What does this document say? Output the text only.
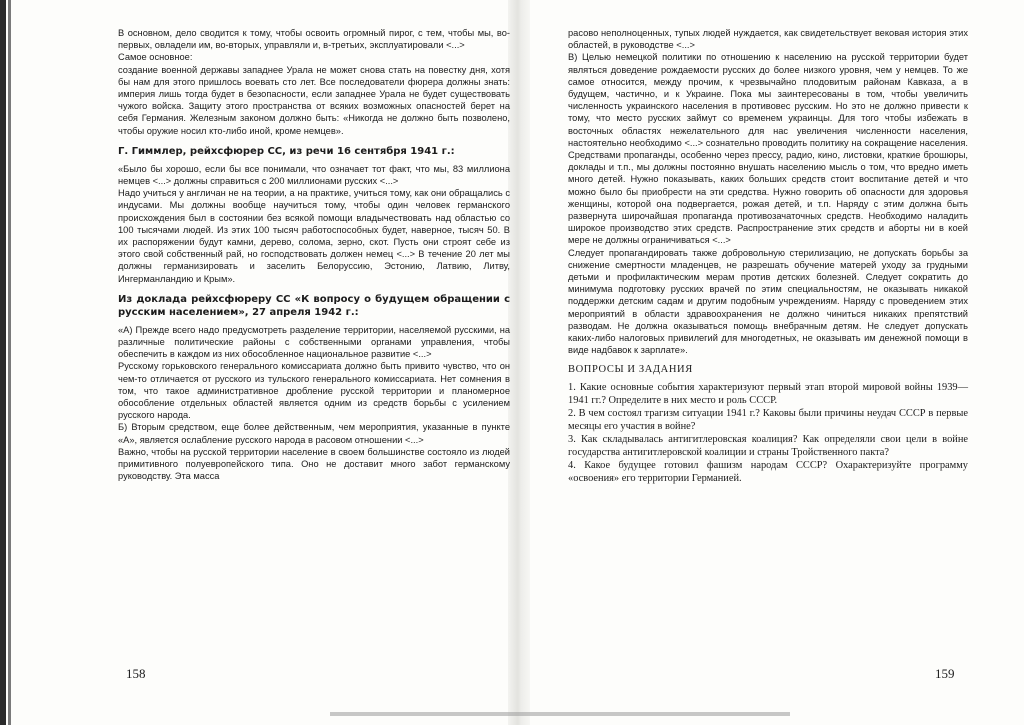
В основном, дело сводится к тому, чтобы освоить огромный пирог, с тем, чтобы мы, во-первых, овладели им, во-вторых, управляли и, в-третьих, эксплуатировали <...>

Самое основное:

создание военной державы западнее Урала не может снова стать на повестку дня, хотя бы нам для этого пришлось воевать сто лет. Все последователи фюрера должны знать: империя лишь тогда будет в безопасности, если западнее Урала не будет существовать чужого войска. Защиту этого пространства от всяких возможных опасностей берет на себя Германия. Железным законом должно быть: «Никогда не должно быть позволено, чтобы оружие носил кто-либо иной, кроме немцев».

Г. Гиммлер, рейхсфюрер СС, из речи 16 сентября 1941 г.:

«Было бы хорошо, если бы все понимали, что означает тот факт, что мы, 83 миллиона немцев <...> должны справиться с 200 миллионами русских <...>

Надо учиться у англичан не на теории, а на практике, учиться тому, как они обращались с индусами. Мы должны вообще научиться тому, чтобы один человек германского происхождения был в состоянии без всякой помощи владычествовать над областью со 100 тысячами людей. Из этих 100 тысяч работоспособных будет, наверное, тысяч 50. В их распоряжении будут камни, дерево, солома, зерно, скот. Пусть они строят себе из этого свой собственный рай, но господствовать должен немец <...> В течение 20 лет мы должны германизировать и заселить Белоруссию, Эстонию, Латвию, Литву, Ингерманландию и Крым».

Из доклада рейхсфюреру СС «К вопросу о будущем обращении с русским населением», 27 апреля 1942 г.:

«А) Прежде всего надо предусмотреть разделение территории, населяемой русскими, на различные политические районы с собственными органами управления, чтобы обеспечить в каждом из них обособленное национальное развитие <...>

Русскому горьковского генерального комиссариата должно быть привито чувство, что он чем-то отличается от русского из тульского генерального комиссариата. Нет сомнения в том, что такое административное дробление русской территории и планомерное обособление отдельных областей является одним из средств борьбы с усилением русского народа.

Б) Вторым средством, еще более действенным, чем мероприятия, указанные в пункте «А», является ослабление русского народа в расовом отношении <...>

Важно, чтобы на русской территории население в своем большинстве состояло из людей примитивного полуевропейского типа. Оно не доставит много забот германскому руководству. Эта масса

158

расово неполноценных, тупых людей нуждается, как свидетельствует вековая история этих областей, в руководстве <...>

В) Целью немецкой политики по отношению к населению на русской территории будет являться доведение рождаемости русских до более низкого уровня, чем у немцев. То же самое относится, между прочим, к чрезвычайно плодовитым районам Кавказа, а в будущем, частично, и к Украине. Пока мы заинтересованы в том, чтобы увеличить численность украинского населения в противовес русским. Но это не должно привести к тому, что место русских займут со временем украинцы. Для того чтобы избежать в восточных областях нежелательного для нас увеличения численности населения, настоятельно необходимо <...> сознательно проводить политику на сокращение населения. Средствами пропаганды, особенно через прессу, радио, кино, листовки, краткие брошюры, доклады и т.п., мы должны постоянно внушать населению мысль о том, что вредно иметь много детей. Нужно показывать, каких больших средств стоит воспитание детей и что можно было бы приобрести на эти средства. Нужно говорить об опасности для здоровья женщины, которой она подвергается, рожая детей, и т.п. Наряду с этим должна быть развернута широчайшая пропаганда противозачаточных средств. Необходимо наладить широкое производство этих средств. Распространение этих средств и аборты ни в коей мере не должны ограничиваться <...>

Следует пропагандировать также добровольную стерилизацию, не допускать борьбы за снижение смертности младенцев, не разрешать обучение матерей уходу за грудными детьми и профилактическим мерам против детских болезней. Следует сократить до минимума подготовку русских врачей по этим специальностям, не оказывать никакой поддержки детским садам и другим подобным учреждениям. Наряду с проведением этих мероприятий в области здравоохранения не должно чиниться никаких препятствий разводам. Не должна оказываться помощь внебрачным детям. Не следует допускать каких-либо налоговых привилегий для многодетных, не оказывать им денежной помощи в виде надбавок к зарплате».

ВОПРОСЫ И ЗАДАНИЯ

1. Какие основные события характеризуют первый этап второй мировой войны 1939—1941 гг.? Определите в них место и роль СССР.

2. В чем состоял трагизм ситуации 1941 г.? Каковы были причины неудач СССР в первые месяцы его участия в войне?

3. Как складывалась антигитлеровская коалиция? Как определяли свои цели в войне государства антигитлеровской коалиции и страны Тройственного пакта?

4. Какое будущее готовил фашизм народам СССР? Охарактеризуйте программу «освоения» его территории Германией.

159
